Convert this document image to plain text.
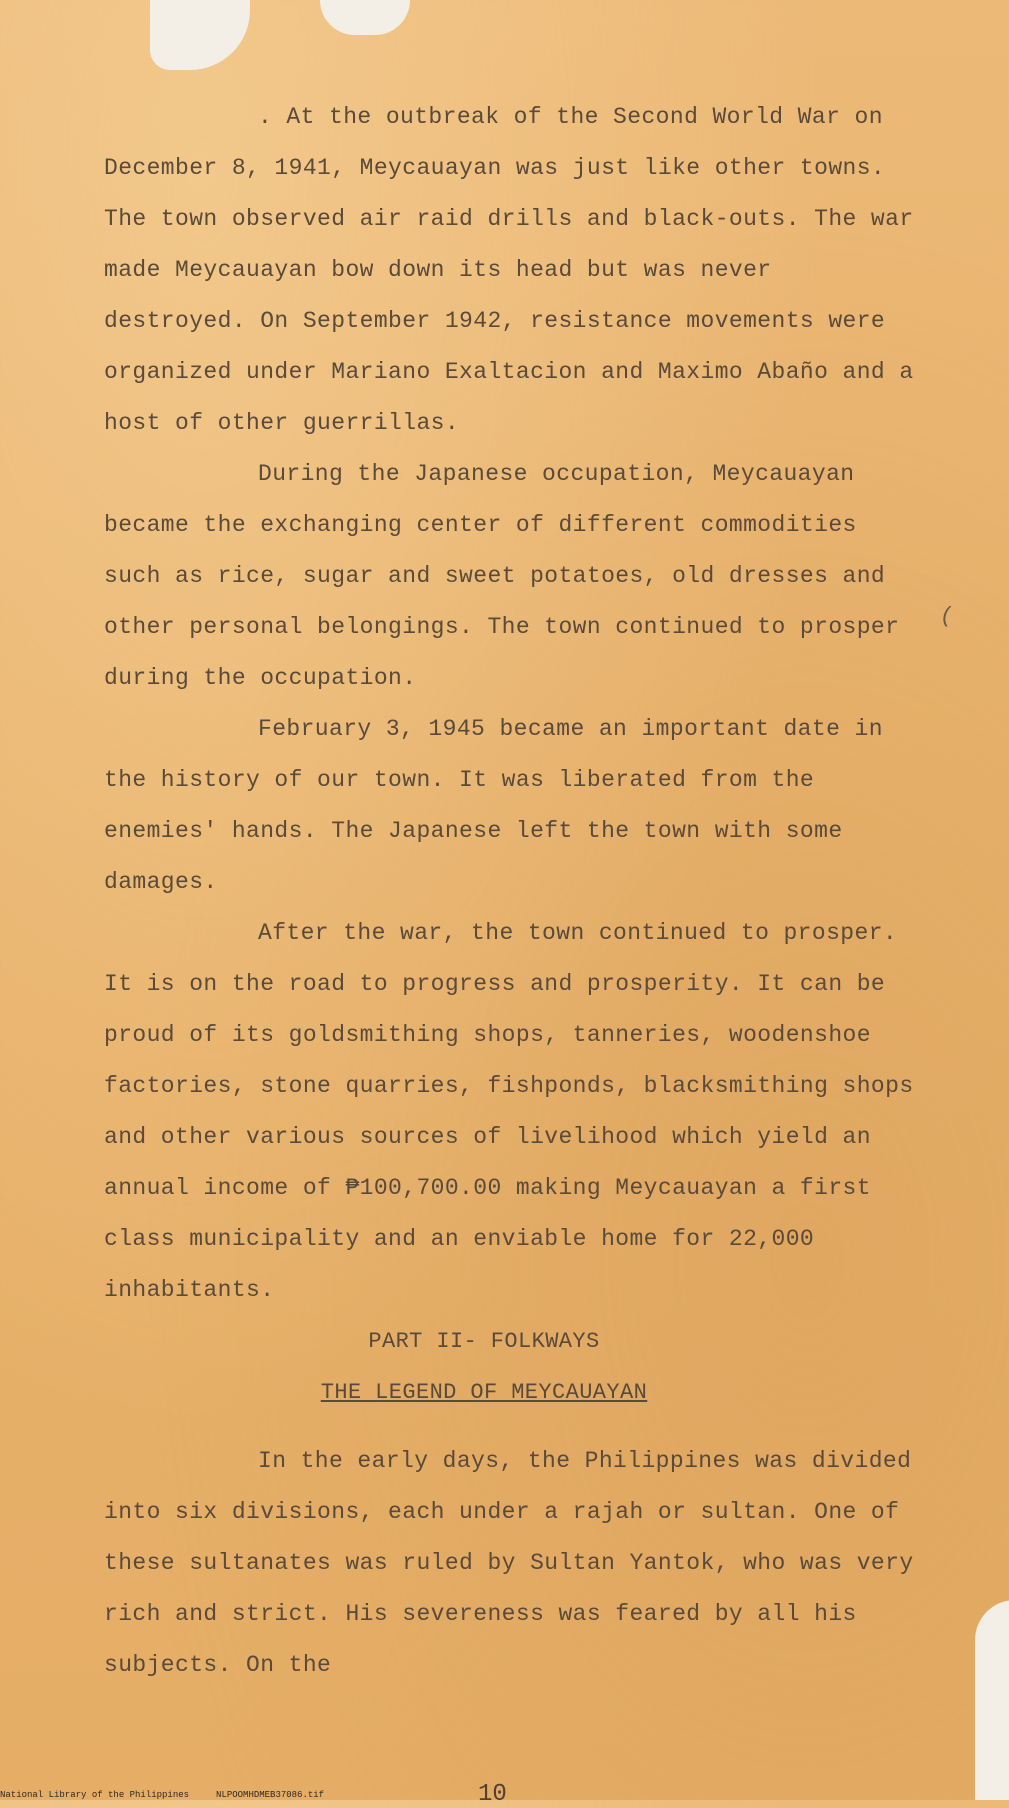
. At the outbreak of the Second World War on December 8, 1941, Meycauayan was just like other towns. The town observed air raid drills and black-outs. The war made Meycauayan bow down its head but was never destroyed. On September 1942, resistance movements were organized under Mariano Exaltacion and Maximo Abaño and a host of other guerrillas.

During the Japanese occupation, Meycauayan became the exchanging center of different commodities such as rice, sugar and sweet potatoes, old dresses and other personal belongings. The town continued to prosper during the occupation.

February 3, 1945 became an important date in the history of our town. It was liberated from the enemies' hands. The Japanese left the town with some damages.

After the war, the town continued to prosper. It is on the road to progress and prosperity. It can be proud of its goldsmithing shops, tanneries, woodenshoe factories, stone quarries, fishponds, blacksmithing shops and other various sources of livelihood which yield an annual income of ₱100,700.00 making Meycauayan a first class municipality and an enviable home for 22,000 inhabitants.

PART II- FOLKWAYS

THE LEGEND OF MEYCAUAYAN

In the early days, the Philippines was divided into six divisions, each under a rajah or sultan. One of these sultanates was ruled by Sultan Yantok, who was very rich and strict. His severeness was feared by all his subjects. On the

(
10
National Library of the Philippines	NLPOOMHDMEB37086.tif
